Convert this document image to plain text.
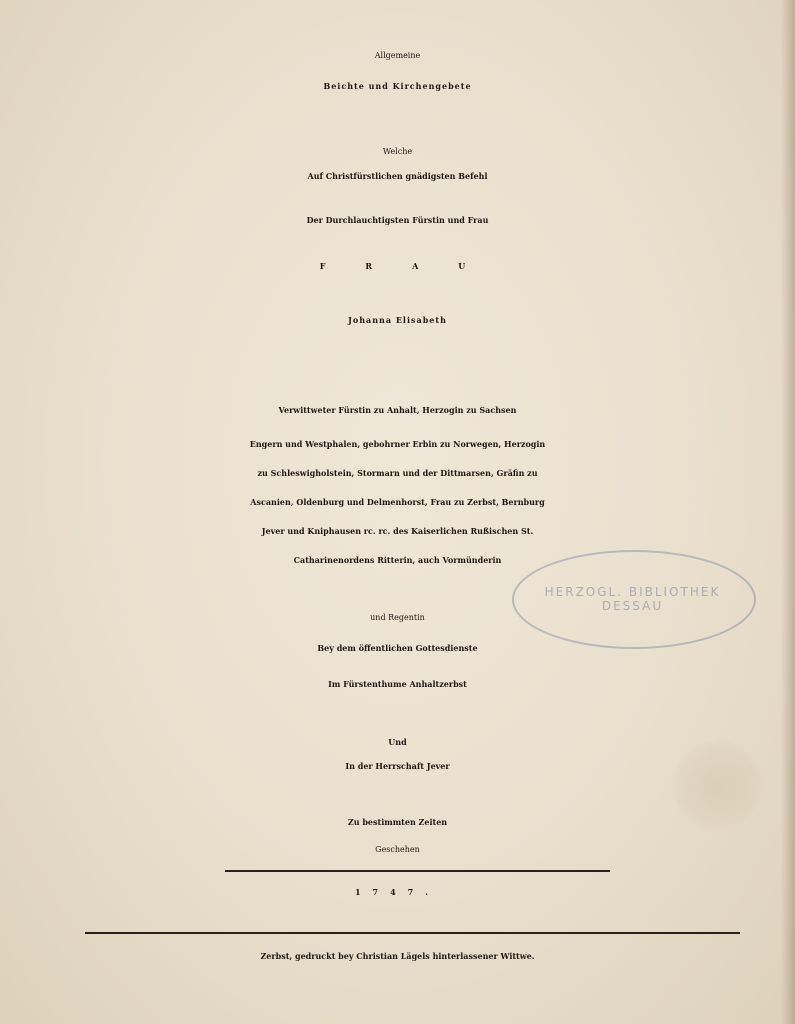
HERZOGL. BIBLIOTHEK DESSAU
Allgemeine
Beichte und Kirchengebete
Welche
Auf Christfürstlichen gnädigsten Befehl
Der Durchlauchtigsten Fürstin und Frau
FRAU
Johanna Elisabeth
Verwittweter Fürstin zu Anhalt, Herzogin zu Sachsen
Engern und Westphalen, gebohrner Erbin zu Norwegen, Herzogin
zu Schleswigholstein, Stormarn und der Dittmarsen, Gräfin zu
Ascanien, Oldenburg und Delmenhorst, Frau zu Zerbst, Bernburg
Jever und Kniphausen rc. rc. des Kaiserlichen Rußischen St.
Catharinenordens Ritterin, auch Vormünderin
und Regentin
Bey dem öffentlichen Gottesdienste
Im Fürstenthume Anhaltzerbst
Und
In der Herrschaft Jever
Zu bestimmten Zeiten
Geschehen
1747.
Zerbst, gedruckt bey Christian Lägels hinterlassener Wittwe.
